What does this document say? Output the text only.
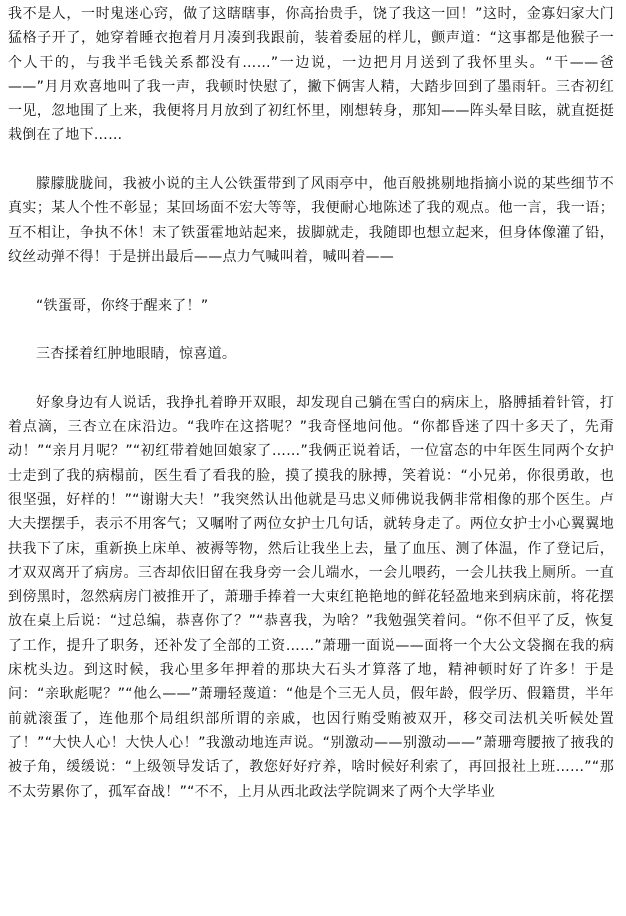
我不是人，一时鬼迷心窍，做了这瞎瞎事，你高抬贵手，饶了我这一回！”这时，金寡妇家大门猛格子开了，她穿着睡衣抱着月月凑到我跟前，装着委屈的样儿，颤声道：“这事都是他猴子一个人干的，与我半毛钱关系都没有……”一边说，一边把月月送到了我怀里头。“干——爸——”月月欢喜地叫了我一声，我顿时快慰了，撇下俩害人精，大踏步回到了墨雨轩。三杏初红一见，忽地围了上来，我便将月月放到了初红怀里，刚想转身，那知——阵头晕目眩，就直挺挺栽倒在了地下……

朦朦胧胧间，我被小说的主人公铁蛋带到了风雨亭中，他百般挑剔地指摘小说的某些细节不真实；某人个性不彰显；某回场面不宏大等等，我便耐心地陈述了我的观点。他一言，我一语；互不相让，争执不休！末了铁蛋霍地站起来，拔脚就走，我随即也想立起来，但身体像灌了铅，纹丝动弹不得！于是拼出最后——点力气喊叫着，喊叫着——

“铁蛋哥，你终于醒来了！”

三杏揉着红肿地眼睛，惊喜道。

好象身边有人说话，我挣扎着睁开双眼，却发现自己躺在雪白的病床上，胳膊插着针管，打着点滴，三杏立在床沿边。“我咋在这搭呢？”我奇怪地问他。“你都昏迷了四十多天了，先甭动！”“亲月月呢？”“初红带着她回娘家了……”我俩正说着话，一位富态的中年医生同两个女护士走到了我的病榻前，医生看了看我的脸，摸了摸我的脉搏，笑着说：“小兄弟，你很勇敢，也很坚强，好样的！”“谢谢大夫！”我突然认出他就是马忠义师佛说我俩非常相像的那个医生。卢大夫摆摆手，表示不用客气；又嘱咐了两位女护士几句话，就转身走了。两位女护士小心翼翼地扶我下了床，重新换上床单、被褥等物，然后让我坐上去，量了血压、测了体温，作了登记后，才双双离开了病房。三杏却依旧留在我身旁一会儿端水，一会儿喂药，一会儿扶我上厕所。一直到傍黑时，忽然病房门被推开了，萧珊手捧着一大束红艳艳地的鲜花轻盈地来到病床前，将花摆放在桌上后说：“过总编，恭喜你了？”“恭喜我，为啥？”我勉强笑着问。“你不但平了反，恢复了工作，提升了职务，还补发了全部的工资……”萧珊一面说——面将一个大公文袋搁在我的病床枕头边。到这时候，我心里多年押着的那块大石头才算落了地，精神顿时好了许多！于是问：“亲耿彪呢？”“他么——”萧珊轻蔑道：“他是个三无人员，假年龄，假学历、假籍贯，半年前就滚蛋了，连他那个局组织部所谓的亲戚，也因行贿受贿被双开，移交司法机关听候处置了！”“大快人心！大快人心！”我激动地连声说。“别激动——别激动——”萧珊弯腰掖了掖我的被子角，缓缓说：“上级领导发话了，教您好好疗养，啥时候好利索了，再回报社上班……”“那不太劳累你了，孤军奋战！”“不不，上月从西北政法学院调来了两个大学毕业
